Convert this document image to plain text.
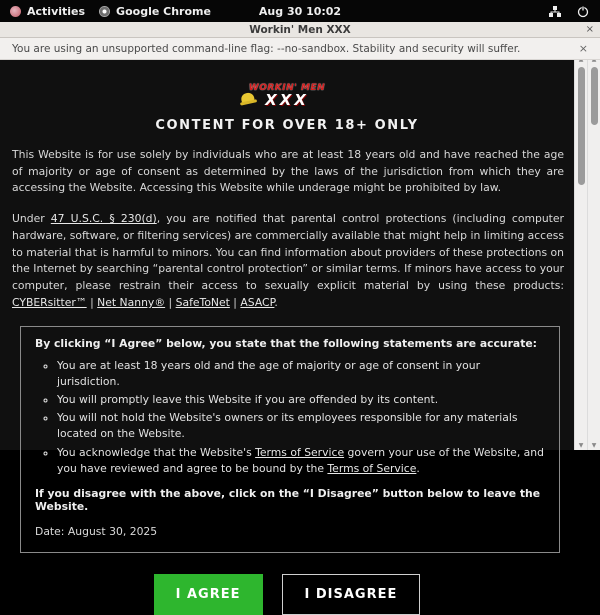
Activities	Google Chrome	Aug 30 10:02
Workin' Men XXX	×
You are using an unsupported command-line flag: --no-sandbox. Stability and security will suffer.	×
WORKIN' MEN
XXX
CONTENT FOR OVER 18+ ONLY

This Website is for use solely by individuals who are at least 18 years old and have reached the age of majority or age of consent as determined by the laws of the jurisdiction from which they are accessing the Website. Accessing this Website while underage might be prohibited by law.

Under 47 U.S.C. § 230(d), you are notified that parental control protections (including computer hardware, software, or filtering services) are commercially available that might help in limiting access to material that is harmful to minors. You can find information about providers of these protections on the Internet by searching “parental control protection” or similar terms. If minors have access to your computer, please restrain their access to sexually explicit material by using these products: CYBERsitter™ | Net Nanny® | SafeToNet | ASACP.

By clicking “I Agree” below, you state that the following statements are accurate:
◦ You are at least 18 years old and the age of majority or age of consent in your jurisdiction.
◦ You will promptly leave this Website if you are offended by its content.
◦ You will not hold the Website's owners or its employees responsible for any materials located on the Website.
◦ You acknowledge that the Website's Terms of Service govern your use of the Website, and you have reviewed and agree to be bound by the Terms of Service.
If you disagree with the above, click on the “I Disagree” button below to leave the Website.
Date: August 30, 2025
I AGREE	I DISAGREE
▼	▼
